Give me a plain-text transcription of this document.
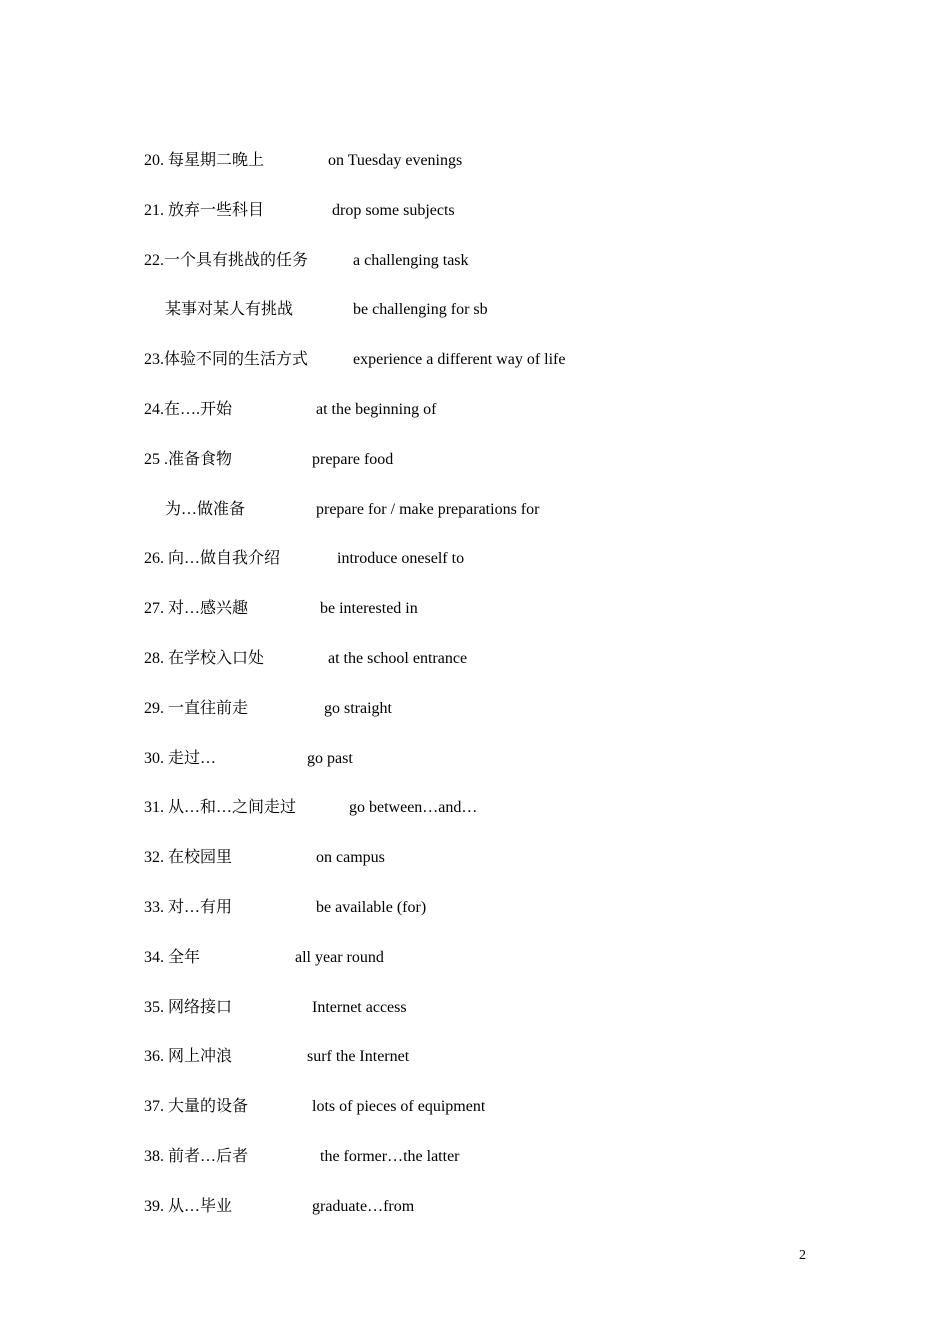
20. 每星期二晚上	on Tuesday evenings
21. 放弃一些科目	drop some subjects
22.一个具有挑战的任务	a challenging task
某事对某人有挑战	be challenging for sb
23.体验不同的生活方式	experience a different way of life
24.在….开始	at the beginning of
25 .准备食物	prepare food
为…做准备	prepare for / make preparations for
26. 向…做自我介绍	introduce oneself to
27. 对…感兴趣	be interested in
28. 在学校入口处	at the school entrance
29. 一直往前走	go straight
30. 走过…	go past
31. 从…和…之间走过	go between…and…
32. 在校园里	on campus
33. 对…有用	be available (for)
34. 全年	all year round
35. 网络接口	Internet access
36. 网上冲浪	surf the Internet
37. 大量的设备	lots of pieces of equipment
38. 前者…后者	the former…the latter
39. 从…毕业	graduate…from
2
